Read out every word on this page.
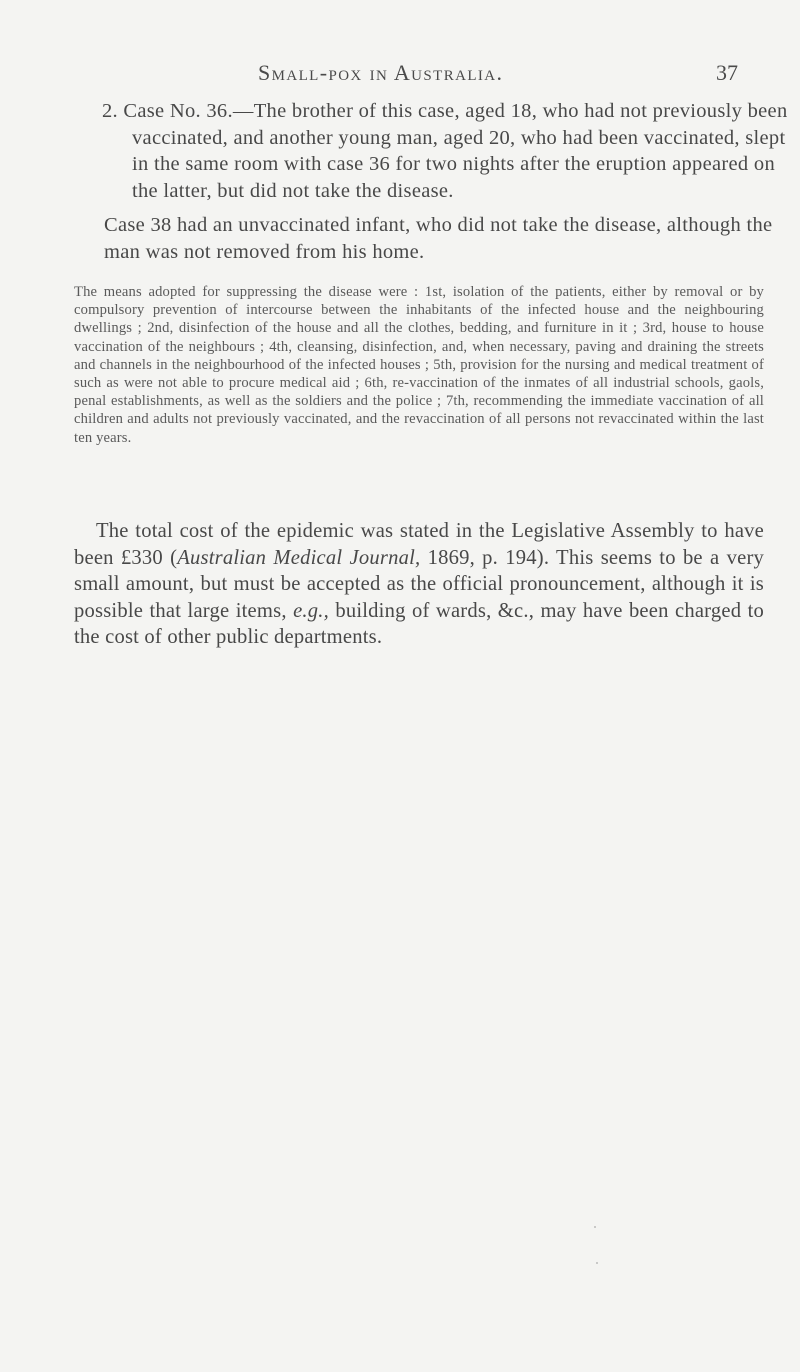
Small-pox in Australia.	37

2. Case No. 36.—The brother of this case, aged 18, who had not previously been vaccinated, and another young man, aged 20, who had been vaccinated, slept in the same room with case 36 for two nights after the eruption appeared on the latter, but did not take the disease.

Case 38 had an unvaccinated infant, who did not take the disease, although the man was not removed from his home.

The means adopted for suppressing the disease were : 1st, isolation of the patients, either by removal or by compulsory prevention of intercourse between the inhabitants of the infected house and the neighbouring dwellings ; 2nd, disinfection of the house and all the clothes, bedding, and furniture in it ; 3rd, house to house vaccination of the neighbours ; 4th, cleansing, disinfection, and, when necessary, paving and draining the streets and channels in the neighbourhood of the infected houses ; 5th, provision for the nursing and medical treatment of such as were not able to procure medical aid ; 6th, re-vaccination of the inmates of all industrial schools, gaols, penal establishments, as well as the soldiers and the police ; 7th, recommending the immediate vaccination of all children and adults not previously vaccinated, and the revaccination of all persons not revaccinated within the last ten years.

The total cost of the epidemic was stated in the Legislative Assembly to have been £330 (Australian Medical Journal, 1869, p. 194). This seems to be a very small amount, but must be accepted as the official pronouncement, although it is possible that large items, e.g., building of wards, &c., may have been charged to the cost of other public departments.
